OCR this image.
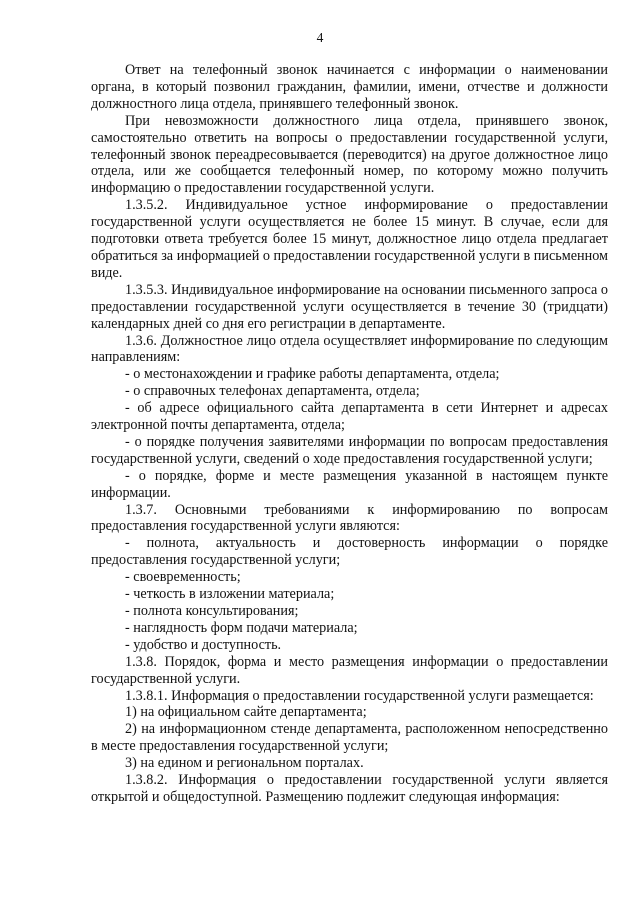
4

Ответ на телефонный звонок начинается с информации о наименовании органа, в который позвонил гражданин, фамилии, имени, отчестве и должности должностного лица отдела, принявшего телефонный звонок.

При невозможности должностного лица отдела, принявшего звонок, самостоятельно ответить на вопросы о предоставлении государственной услуги, телефонный звонок переадресовывается (переводится) на другое должностное лицо отдела, или же сообщается телефонный номер, по которому можно получить информацию о предоставлении государственной услуги.

1.3.5.2. Индивидуальное устное информирование о предоставлении государственной услуги осуществляется не более 15 минут. В случае, если для подготовки ответа требуется более 15 минут, должностное лицо отдела предлагает обратиться за информацией о предоставлении государственной услуги в письменном виде.

1.3.5.3. Индивидуальное информирование на основании письменного запроса о предоставлении государственной услуги осуществляется в течение 30 (тридцати) календарных дней со дня его регистрации в департаменте.

1.3.6. Должностное лицо отдела осуществляет информирование по следующим направлениям:

- о местонахождении и графике работы департамента, отдела;

- о справочных телефонах департамента, отдела;

- об адресе официального сайта департамента в сети Интернет и адресах электронной почты департамента, отдела;

- о порядке получения заявителями информации по вопросам предоставления государственной услуги, сведений о ходе предоставления государственной услуги;

- о порядке, форме и месте размещения указанной в настоящем пункте информации.

1.3.7. Основными требованиями к информированию по вопросам предоставления государственной услуги являются:

- полнота, актуальность и достоверность информации о порядке предоставления государственной услуги;

- своевременность;

- четкость в изложении материала;

- полнота консультирования;

- наглядность форм подачи материала;

- удобство и доступность.

1.3.8. Порядок, форма и место размещения информации о предоставлении государственной услуги.

1.3.8.1. Информация о предоставлении государственной услуги размещается:

1) на официальном сайте департамента;

2) на информационном стенде департамента, расположенном непосредственно в месте предоставления государственной услуги;

3) на едином и региональном порталах.

1.3.8.2. Информация о предоставлении государственной услуги является открытой и общедоступной. Размещению подлежит следующая информация:
